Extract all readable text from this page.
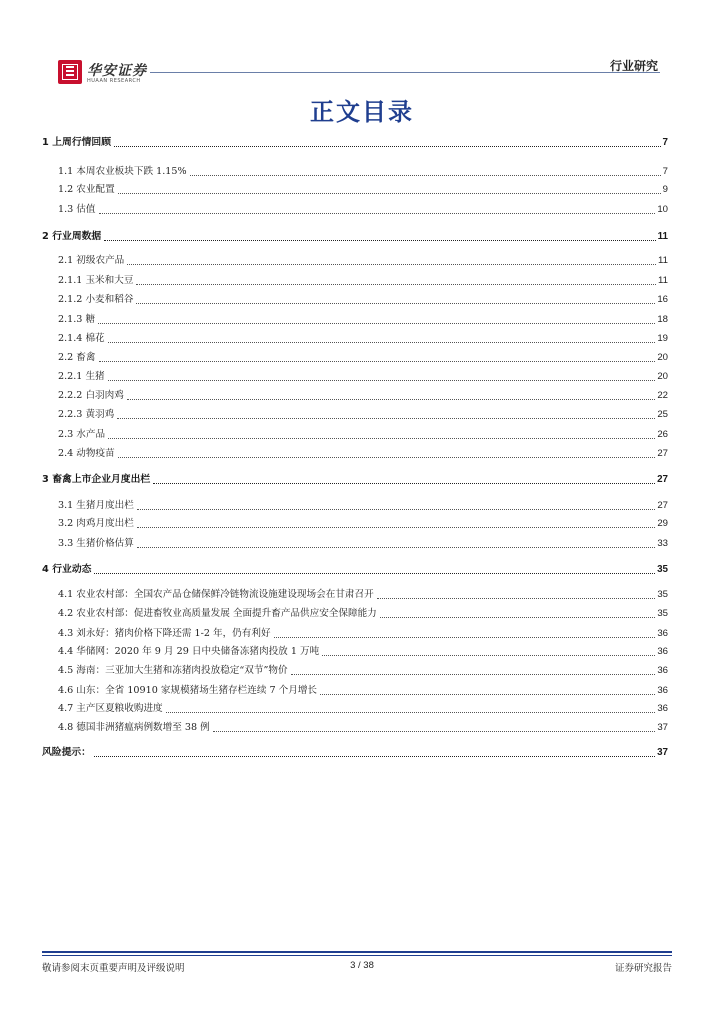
华安证券
HUAAN RESEARCH
行业研究
正文目录
1 上周行情回顾	7
1.1 本周农业板块下跌 1.15%	7
1.2 农业配置	9
1.3 估值	10
2 行业周数据	11
2.1 初级农产品	11
2.1.1 玉米和大豆	11
2.1.2 小麦和稻谷	16
2.1.3 糖	18
2.1.4 棉花	19
2.2 畜禽	20
2.2.1 生猪	20
2.2.2 白羽肉鸡	22
2.2.3 黄羽鸡	25
2.3 水产品	26
2.4 动物疫苗	27
3 畜禽上市企业月度出栏	27
3.1 生猪月度出栏	27
3.2 肉鸡月度出栏	29
3.3 生猪价格估算	33
4 行业动态	35
4.1 农业农村部：全国农产品仓储保鲜冷链物流设施建设现场会在甘肃召开	35
4.2 农业农村部：促进畜牧业高质量发展 全面提升畜产品供应安全保障能力	35
4.3 刘永好：猪肉价格下降还需 1-2 年，仍有利好	36
4.4 华储网：2020 年 9 月 29 日中央储备冻猪肉投放 1 万吨	36
4.5 海南：三亚加大生猪和冻猪肉投放稳定“双节”物价	36
4.6 山东：全省 10910 家规模猪场生猪存栏连续 7 个月增长	36
4.7 主产区夏粮收购进度	36
4.8 德国非洲猪瘟病例数增至 38 例	37
风险提示：	37
敬请参阅末页重要声明及评级说明	3 / 38	证券研究报告
